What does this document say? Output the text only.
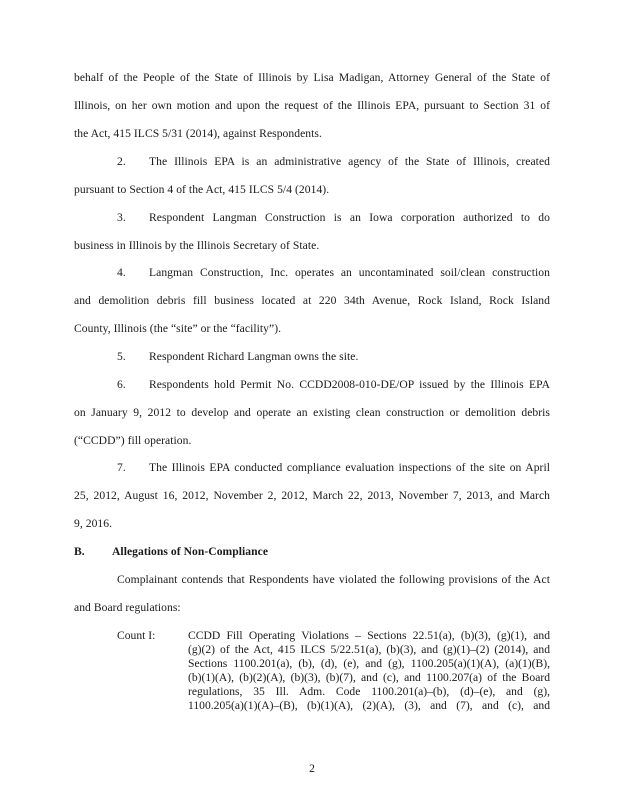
behalf of the People of the State of Illinois by Lisa Madigan, Attorney General of the State of
Illinois, on her own motion and upon the request of the Illinois EPA, pursuant to Section 31 of
the Act, 415 ILCS 5/31 (2014), against Respondents.
2. The Illinois EPA is an administrative agency of the State of Illinois, created
pursuant to Section 4 of the Act, 415 ILCS 5/4 (2014).
3. Respondent Langman Construction is an Iowa corporation authorized to do
business in Illinois by the Illinois Secretary of State.
4. Langman Construction, Inc. operates an uncontaminated soil/clean construction
and demolition debris fill business located at 220 34th Avenue, Rock Island, Rock Island
County, Illinois (the “site” or the “facility”).
5. Respondent Richard Langman owns the site.
6. Respondents hold Permit No. CCDD2008-010-DE/OP issued by the Illinois EPA
on January 9, 2012 to develop and operate an existing clean construction or demolition debris
(“CCDD”) fill operation.
7. The Illinois EPA conducted compliance evaluation inspections of the site on April
25, 2012, August 16, 2012, November 2, 2012, March 22, 2013, November 7, 2013, and March
9, 2016.
B. Allegations of Non-Compliance
Complainant contends that Respondents have violated the following provisions of the Act
and Board regulations:
Count I:	CCDD Fill Operating Violations – Sections 22.51(a), (b)(3), (g)(1), and
(g)(2) of the Act, 415 ILCS 5/22.51(a), (b)(3), and (g)(1)–(2) (2014), and
Sections 1100.201(a), (b), (d), (e), and (g), 1100.205(a)(1)(A), (a)(1)(B),
(b)(1)(A), (b)(2)(A), (b)(3), (b)(7), and (c), and 1100.207(a) of the Board
regulations, 35 Ill. Adm. Code 1100.201(a)–(b), (d)–(e), and (g),
1100.205(a)(1)(A)–(B), (b)(1)(A), (2)(A), (3), and (7), and (c), and
2
